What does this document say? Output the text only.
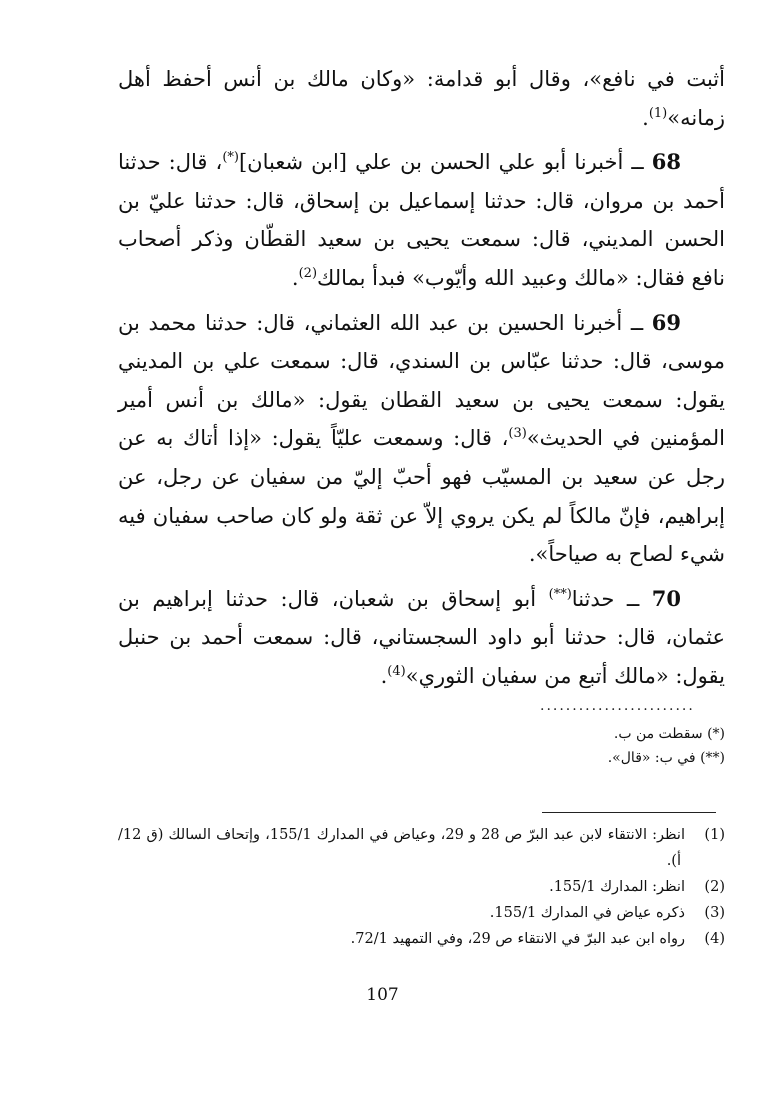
أثبت في نافع»، وقال أبو قدامة: «وكان مالك بن أنس أحفظ أهل زمانه»$^{(1)}$.

68 ــ أخبرنا أبو علي الحسن بن علي [ابن شعبان](*)، قال: حدثنا أحمد بن مروان، قال: حدثنا إسماعيل بن إسحاق، قال: حدثنا عليّ بن الحسن المديني، قال: سمعت يحيى بن سعيد القطّان وذكر أصحاب نافع فقال: «مالك وعبيد الله وأيّوب» فبدأ بمالك$^{(2)}$.

69 ــ أخبرنا الحسين بن عبد الله العثماني، قال: حدثنا محمد بن موسى، قال: حدثنا عبّاس بن السندي، قال: سمعت علي بن المديني يقول: سمعت يحيى بن سعيد القطان يقول: «مالك بن أنس أمير المؤمنين في الحديث»$^{(3)}$، قال: وسمعت عليّاً يقول: «إذا أتاك به عن رجل عن سعيد بن المسيّب فهو أحبّ إليّ من سفيان عن رجل، عن إبراهيم، فإنّ مالكاً لم يكن يروي إلاّ عن ثقة ولو كان صاحب سفيان فيه شيء لصاح به صياحاً».

70 ــ حدثنا(**) أبو إسحاق بن شعبان، قال: حدثنا إبراهيم بن عثمان، قال: حدثنا أبو داود السجستاني، قال: سمعت أحمد بن حنبل يقول: «مالك أتبع من سفيان الثوري»$^{(4)}$.

........................
(*) سقطت من ب.
(**) في ب: «قال».

(1)انظر: الانتقاء لابن عبد البرّ ص 28 و 29، وعياض في المدارك 155/1، وإتحاف السالك (ق 12/أ).

(2)انظر: المدارك 155/1.

(3)ذكره عياض في المدارك 155/1.

(4)رواه ابن عبد البرّ في الانتقاء ص 29، وفي التمهيد 72/1.

107
